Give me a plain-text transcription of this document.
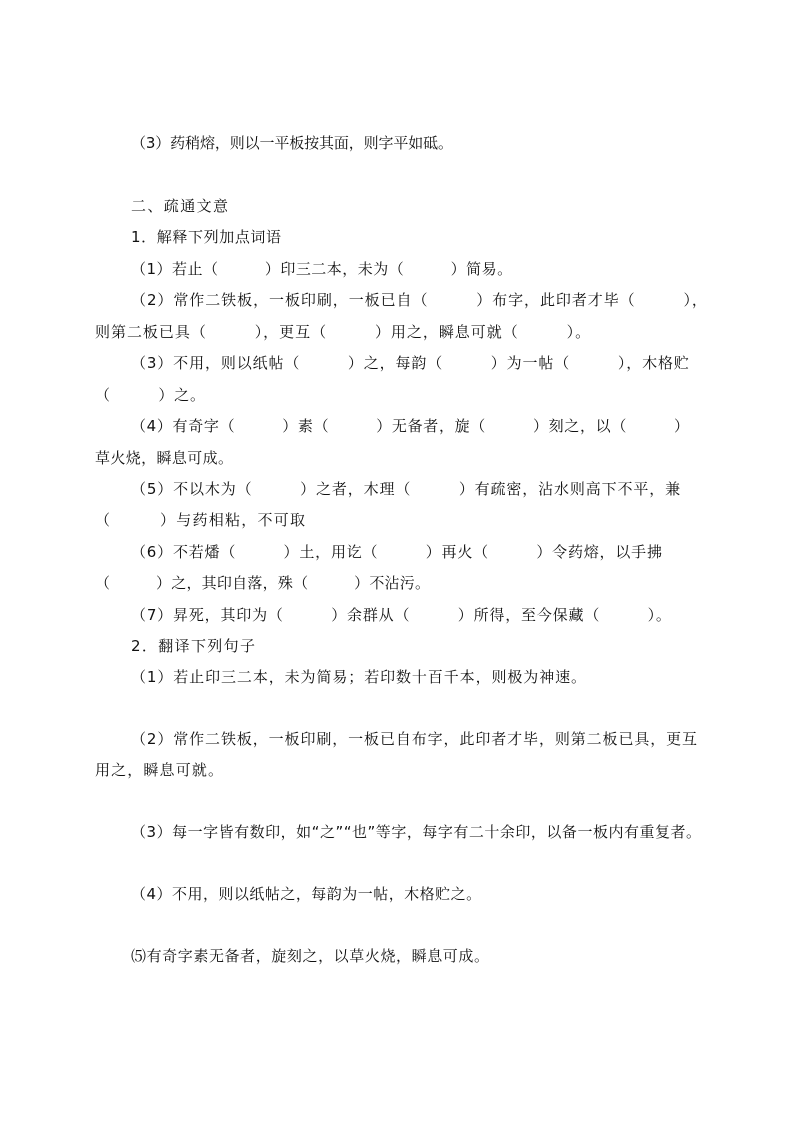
（3）药稍熔，则以一平板按其面，则字平如砥。
二、疏通文意
1．解释下列加点词语
（1）若止（　　　）印三二本，未为（　　　）简易。
（2）常作二铁板，一板印刷，一板已自（　　　）布字，此印者才毕（　　　），
则第二板已具（　　　），更互（　　　）用之，瞬息可就（　　　）。
（3）不用，则以纸帖（　　　）之，每韵（　　　）为一帖（　　　），木格贮
（　　　）之。
（4）有奇字（　　　）素（　　　）无备者，旋（　　　）刻之，以（　　　）
草火烧，瞬息可成。
（5）不以木为（　　　）之者，木理（　　　）有疏密，沾水则高下不平，兼
（　　　）与药相粘，不可取
（6）不若燔（　　　）土，用讫（　　　）再火（　　　）令药熔，以手拂
（　　　）之，其印自落，殊（　　　）不沾污。
（7）昇死，其印为（　　　）余群从（　　　）所得，至今保藏（　　　）。
2．翻译下列句子
（1）若止印三二本，未为简易；若印数十百千本，则极为神速。
（2）常作二铁板，一板印刷，一板已自布字，此印者才毕，则第二板已具，更互
用之，瞬息可就。
（3）每一字皆有数印，如“之”“也”等字，每字有二十余印，以备一板内有重复者。
（4）不用，则以纸帖之，每韵为一帖，木格贮之。
⑸有奇字素无备者，旋刻之，以草火烧，瞬息可成。
